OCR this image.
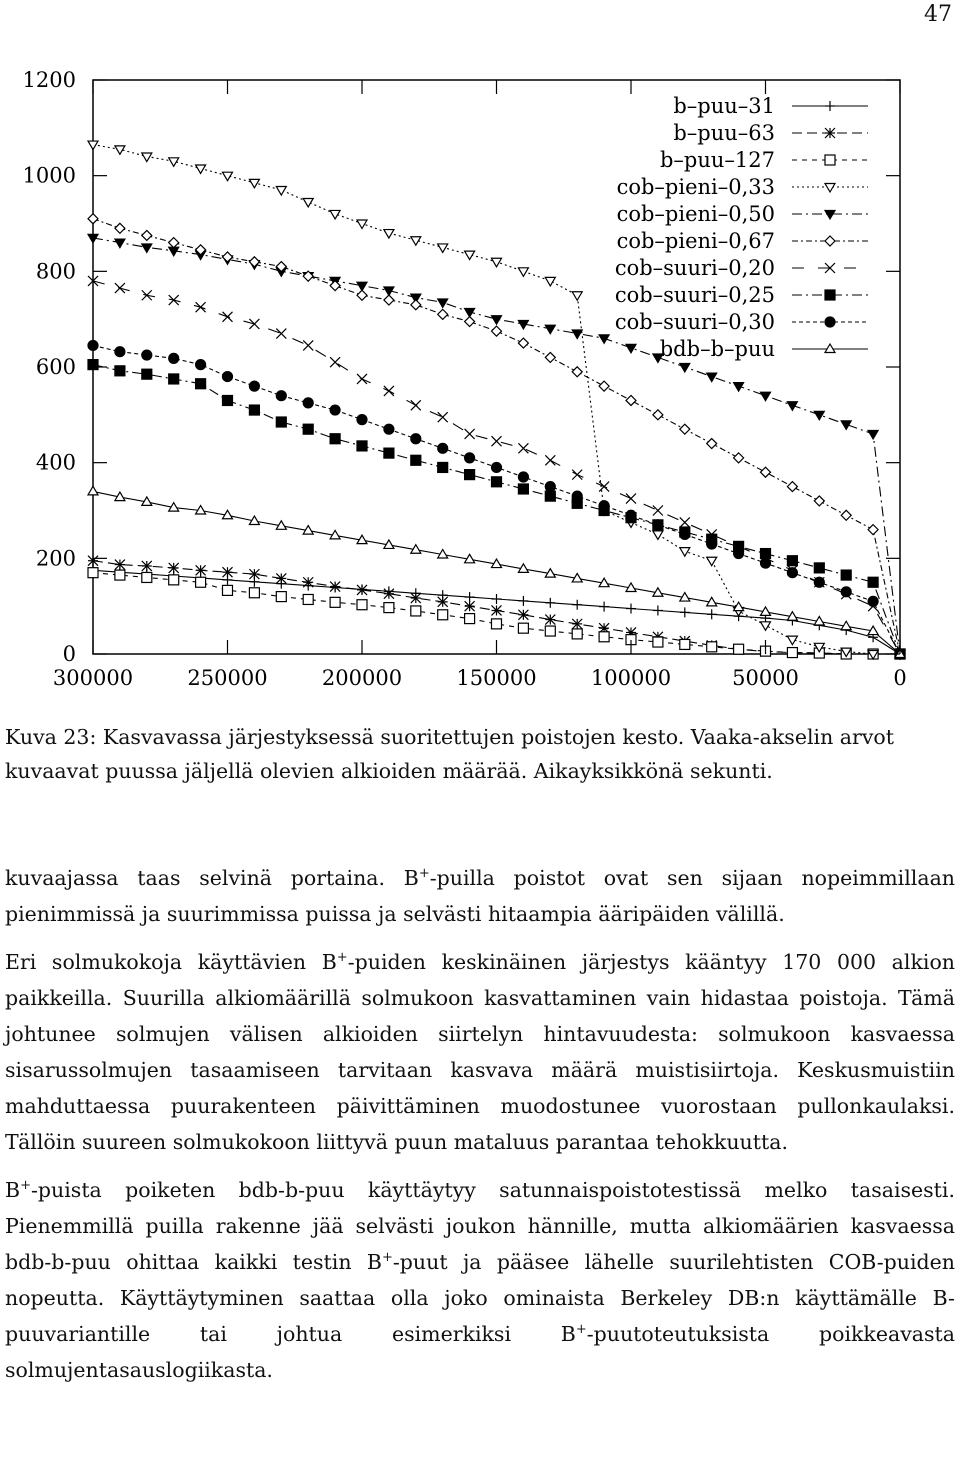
47
0
200
400
600
800
1000
1200
300000	250000	200000	150000	100000	50000	0
b–puu–31
b–puu–63
b–puu–127
cob–pieni–0,33
cob–pieni–0,50
cob–pieni–0,67
cob–suuri–0,20
cob–suuri–0,25
cob–suuri–0,30
bdb–b–puu
Kuva 23: Kasvavassa järjestyksessä suoritettujen poistojen kesto. Vaaka-akselin arvot kuvaavat puussa jäljellä olevien alkioiden määrää. Aikayksikkönä sekunti.

kuvaajassa taas selvinä portaina. B+-puilla poistot ovat sen sijaan nopeimmillaan pienimmissä ja suurimmissa puissa ja selvästi hitaampia ääripäiden välillä.

Eri solmukokoja käyttävien B+-puiden keskinäinen järjestys kääntyy 170 000 alkion paikkeilla. Suurilla alkiomäärillä solmukoon kasvattaminen vain hidastaa poistoja. Tämä johtunee solmujen välisen alkioiden siirtelyn hintavuudesta: solmukoon kasvaessa sisarussolmujen tasaamiseen tarvitaan kasvava määrä muistisiirtoja. Keskusmuistiin mahduttaessa puurakenteen päivittäminen muodostunee vuorostaan pullonkaulaksi. Tällöin suureen solmukokoon liittyvä puun mataluus parantaa tehokkuutta.

B+-puista poiketen bdb-b-puu käyttäytyy satunnaispoistotestissä melko tasaisesti. Pienemmillä puilla rakenne jää selvästi joukon hännille, mutta alkiomäärien kasvaessa bdb-b-puu ohittaa kaikki testin B+-puut ja pääsee lähelle suurilehtisten COB-puiden nopeutta. Käyttäytyminen saattaa olla joko ominaista Berkeley DB:n käyttämälle B-puuvariantille tai johtua esimerkiksi B+-puutoteutuksista poikkeavasta solmujentasauslogiikasta.
